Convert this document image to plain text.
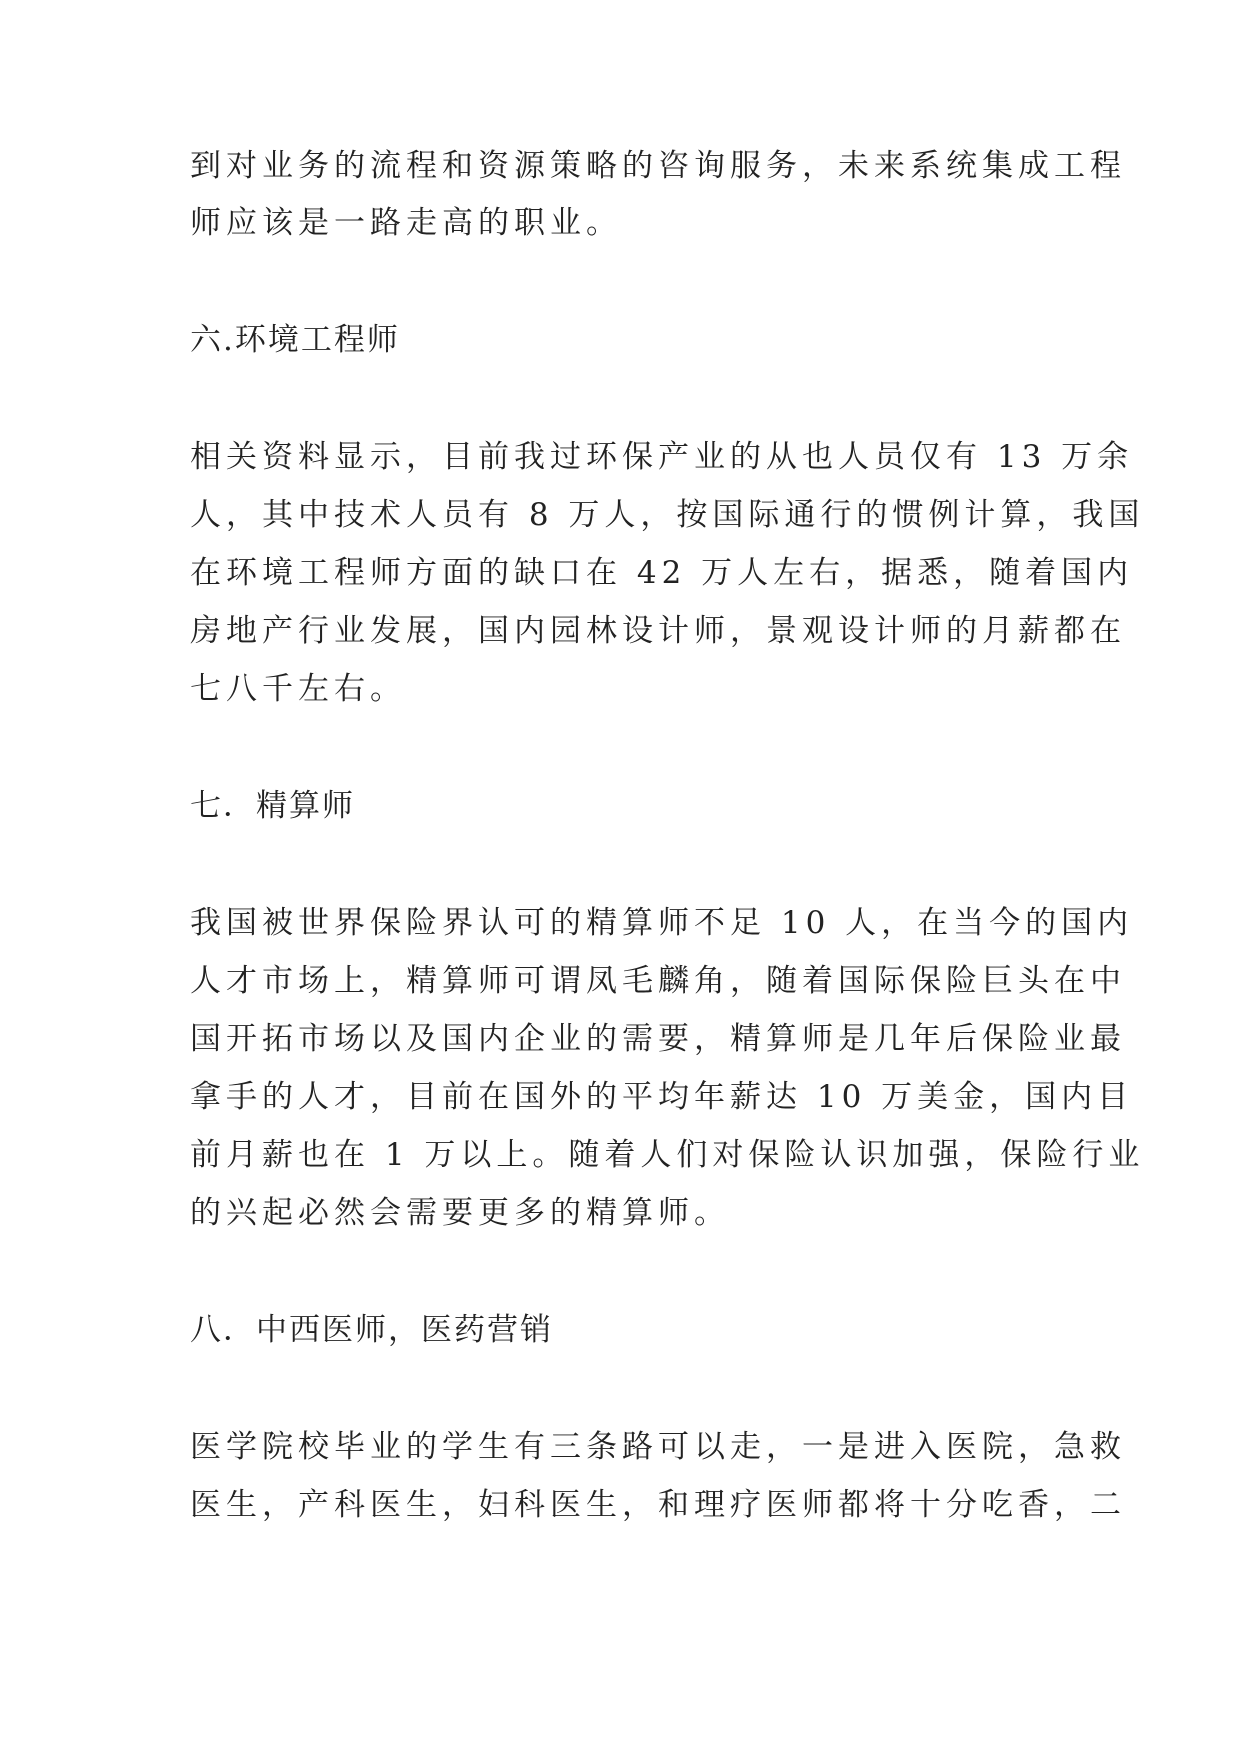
到对业务的流程和资源策略的咨询服务，未来系统集成工程

师应该是一路走高的职业。

六.环境工程师

相关资料显示，目前我过环保产业的从也人员仅有 13 万余

人，其中技术人员有 8 万人，按国际通行的惯例计算，我国

在环境工程师方面的缺口在 42 万人左右，据悉，随着国内

房地产行业发展，国内园林设计师，景观设计师的月薪都在

七八千左右。

七．精算师

我国被世界保险界认可的精算师不足 10 人，在当今的国内

人才市场上，精算师可谓凤毛麟角，随着国际保险巨头在中

国开拓市场以及国内企业的需要，精算师是几年后保险业最

拿手的人才，目前在国外的平均年薪达 10 万美金，国内目

前月薪也在 1 万以上。随着人们对保险认识加强，保险行业

的兴起必然会需要更多的精算师。

八．中西医师，医药营销

医学院校毕业的学生有三条路可以走，一是进入医院，急救

医生，产科医生，妇科医生，和理疗医师都将十分吃香，二
